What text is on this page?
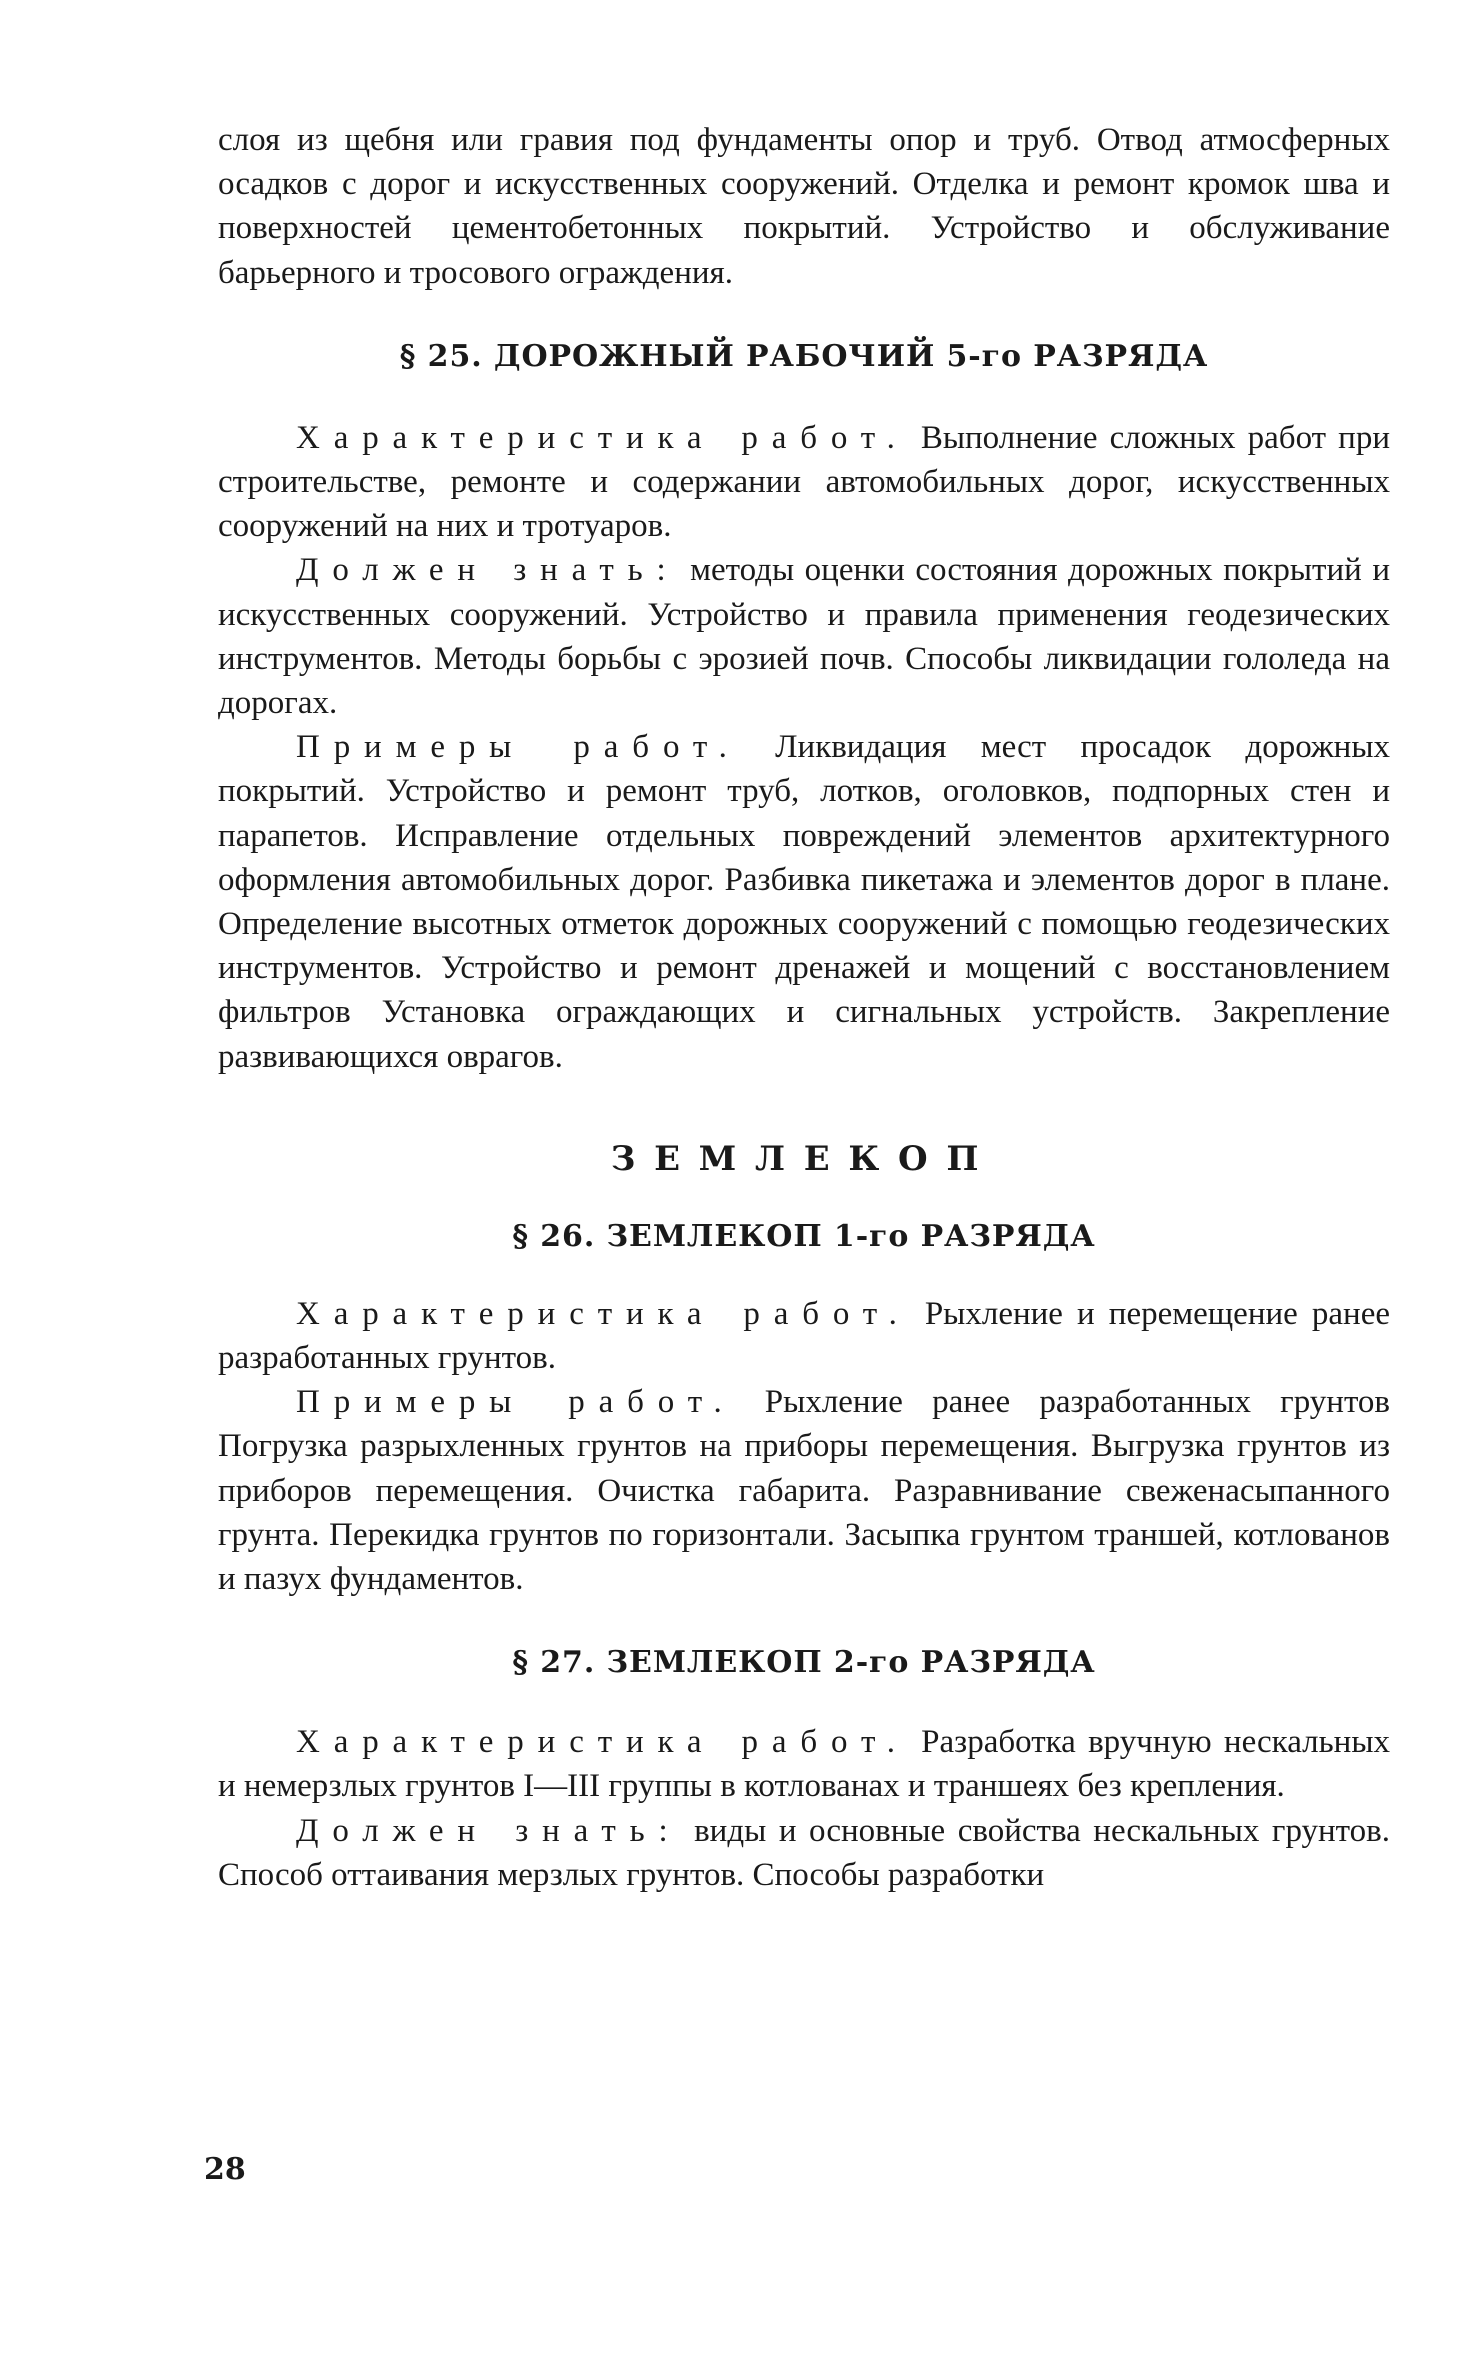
слоя из щебня или гравия под фундаменты опор и труб. Отвод атмосферных осадков с дорог и искусственных сооружений. Отделка и ремонт кромок шва и поверхностей цементобетонных покрытий. Устройство и обслуживание барьерного и тросового ограждения.

§ 25. ДОРОЖНЫЙ РАБОЧИЙ 5-го РАЗРЯДА

Характеристика работ. Выполнение сложных работ при строительстве, ремонте и содержании автомобильных дорог, искусственных сооружений на них и тротуаров.

Должен знать: методы оценки состояния дорожных покрытий и искусственных сооружений. Устройство и правила применения геодезических инструментов. Методы борьбы с эрозией почв. Способы ликвидации гололеда на дорогах.

Примеры работ. Ликвидация мест просадок дорожных покрытий. Устройство и ремонт труб, лотков, оголовков, подпорных стен и парапетов. Исправление отдельных повреждений элементов архитектурного оформления автомобильных дорог. Разбивка пикетажа и элементов дорог в плане. Определение высотных отметок дорожных сооружений с помощью геодезических инструментов. Устройство и ремонт дренажей и мощений с восстановлением фильтров Установка ограждающих и сигнальных устройств. Закрепление развивающихся оврагов.

ЗЕМЛЕКОП

§ 26. ЗЕМЛЕКОП 1-го РАЗРЯДА

Характеристика работ. Рыхление и перемещение ранее разработанных грунтов.

Примеры работ. Рыхление ранее разработанных грунтов Погрузка разрыхленных грунтов на приборы перемещения. Выгрузка грунтов из приборов перемещения. Очистка габарита. Разравнивание свеженасыпанного грунта. Перекидка грунтов по горизонтали. Засыпка грунтом траншей, котлованов и пазух фундаментов.

§ 27. ЗЕМЛЕКОП 2-го РАЗРЯДА

Характеристика работ. Разработка вручную нескальных и немерзлых грунтов I—III группы в котлованах и траншеях без крепления.

Должен знать: виды и основные свойства нескальных грунтов. Способ оттаивания мерзлых грунтов. Способы разработки

28
